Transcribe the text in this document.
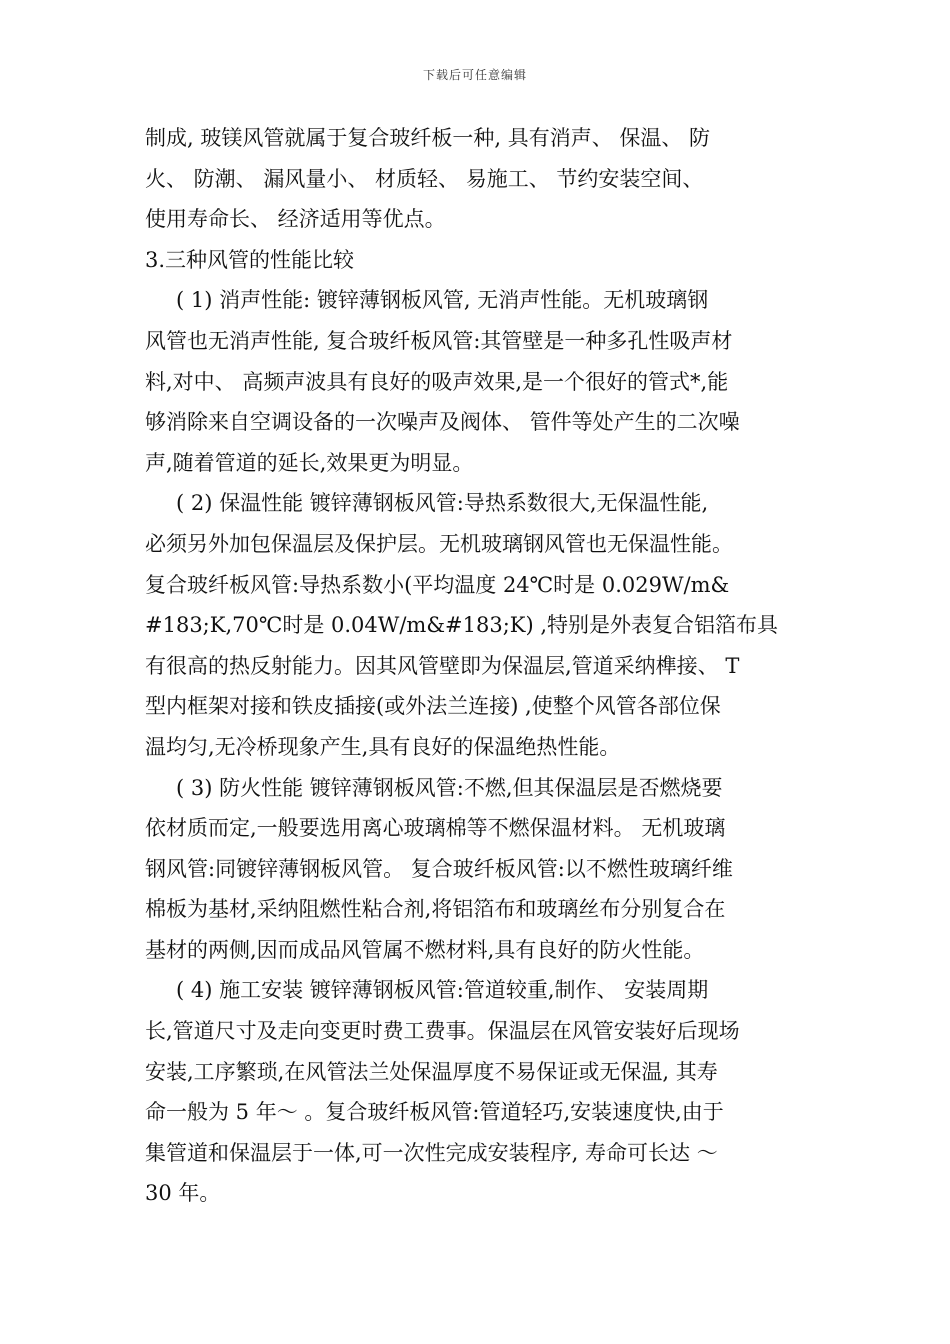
下载后可任意编辑
制成, 玻镁风管就属于复合玻纤板一种, 具有消声、 保温、 防
火、 防潮、 漏风量小、 材质轻、 易施工、 节约安装空间、
使用寿命长、 经济适用等优点。
3.三种风管的性能比较
( 1) 消声性能: 镀锌薄钢板风管, 无消声性能。无机玻璃钢
风管也无消声性能, 复合玻纤板风管:其管壁是一种多孔性吸声材
料,对中、 高频声波具有良好的吸声效果,是一个很好的管式*,能
够消除来自空调设备的一次噪声及阀体、 管件等处产生的二次噪
声,随着管道的延长,效果更为明显。
( 2) 保温性能 镀锌薄钢板风管:导热系数很大,无保温性能,
必须另外加包保温层及保护层。无机玻璃钢风管也无保温性能。
复合玻纤板风管:导热系数小(平均温度 24℃时是 0.029W/m&
#183;K,70℃时是 0.04W/m&#183;K) ,特别是外表复合铝箔布具
有很高的热反射能力。因其风管壁即为保温层,管道采纳榫接、 T
型内框架对接和铁皮插接(或外法兰连接) ,使整个风管各部位保
温均匀,无冷桥现象产生,具有良好的保温绝热性能。
( 3) 防火性能 镀锌薄钢板风管:不燃,但其保温层是否燃烧要
依材质而定,一般要选用离心玻璃棉等不燃保温材料。 无机玻璃
钢风管:同镀锌薄钢板风管。 复合玻纤板风管:以不燃性玻璃纤维
棉板为基材,采纳阻燃性粘合剂,将铝箔布和玻璃丝布分别复合在
基材的两侧,因而成品风管属不燃材料,具有良好的防火性能。
( 4) 施工安装 镀锌薄钢板风管:管道较重,制作、 安装周期
长,管道尺寸及走向变更时费工费事。保温层在风管安装好后现场
安装,工序繁琐,在风管法兰处保温厚度不易保证或无保温, 其寿
命一般为 5 年～ 。复合玻纤板风管:管道轻巧,安装速度快,由于
集管道和保温层于一体,可一次性完成安装程序, 寿命可长达 ～
30 年。
